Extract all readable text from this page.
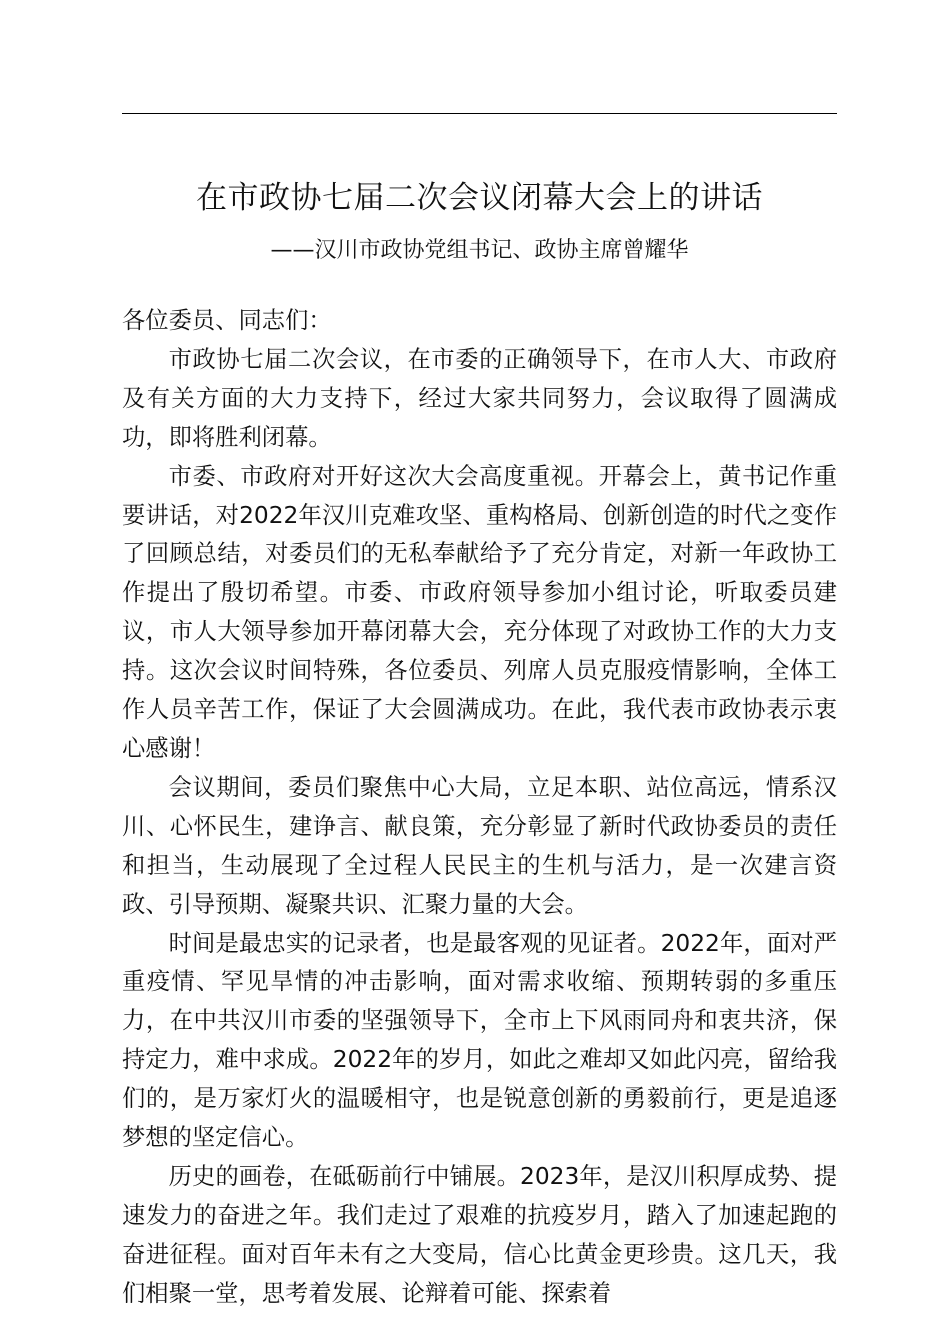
在市政协七届二次会议闭幕大会上的讲话

——汉川市政协党组书记、政协主席曾耀华

各位委员、同志们：

市政协七届二次会议，在市委的正确领导下，在市人大、市政府及有关方面的大力支持下，经过大家共同努力，会议取得了圆满成功，即将胜利闭幕。

市委、市政府对开好这次大会高度重视。开幕会上，黄书记作重要讲话，对2022年汉川克难攻坚、重构格局、创新创造的时代之变作了回顾总结，对委员们的无私奉献给予了充分肯定，对新一年政协工作提出了殷切希望。市委、市政府领导参加小组讨论，听取委员建议，市人大领导参加开幕闭幕大会，充分体现了对政协工作的大力支持。这次会议时间特殊，各位委员、列席人员克服疫情影响，全体工作人员辛苦工作，保证了大会圆满成功。在此，我代表市政协表示衷心感谢！

会议期间，委员们聚焦中心大局，立足本职、站位高远，情系汉川、心怀民生，建诤言、献良策，充分彰显了新时代政协委员的责任和担当，生动展现了全过程人民民主的生机与活力，是一次建言资政、引导预期、凝聚共识、汇聚力量的大会。

时间是最忠实的记录者，也是最客观的见证者。2022年，面对严重疫情、罕见旱情的冲击影响，面对需求收缩、预期转弱的多重压力，在中共汉川市委的坚强领导下，全市上下风雨同舟和衷共济，保持定力，难中求成。2022年的岁月，如此之难却又如此闪亮，留给我们的，是万家灯火的温暖相守，也是锐意创新的勇毅前行，更是追逐梦想的坚定信心。

历史的画卷，在砥砺前行中铺展。2023年，是汉川积厚成势、提速发力的奋进之年。我们走过了艰难的抗疫岁月，踏入了加速起跑的奋进征程。面对百年未有之大变局，信心比黄金更珍贵。这几天，我们相聚一堂，思考着发展、论辩着可能、探索着
